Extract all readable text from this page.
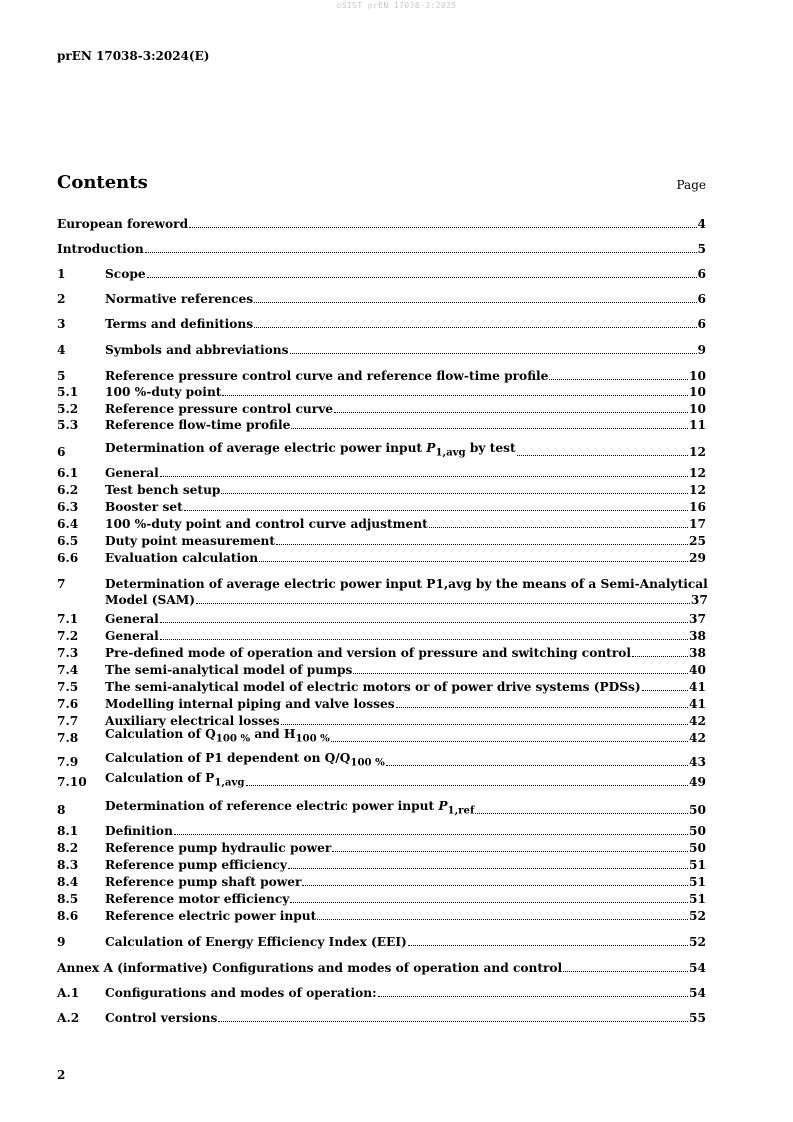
oSIST prEN 17038-3:2025
prEN 17038-3:2024(E)
Contents	Page
European foreword	4
Introduction	5
1	Scope	6
2	Normative references	6
3	Terms and definitions	6
4	Symbols and abbreviations	9
5	Reference pressure control curve and reference flow-time profile	10
5.1	100 %-duty point	10
5.2	Reference pressure control curve	10
5.3	Reference flow-time profile	11
6	Determination of average electric power input $P_{1,avg}$ by test	12
6.1	General	12
6.2	Test bench setup	12
6.3	Booster set	16
6.4	100 %-duty point and control curve adjustment	17
6.5	Duty point measurement	25
6.6	Evaluation calculation	29
7	Determination of average electric power input P1,avg by the means of a Semi-Analytical
Model (SAM)	37
7.1	General	37
7.2	General	38
7.3	Pre-defined mode of operation and version of pressure and switching control	38
7.4	The semi-analytical model of pumps	40
7.5	The semi-analytical model of electric motors or of power drive systems (PDSs)	41
7.6	Modelling internal piping and valve losses	41
7.7	Auxiliary electrical losses	42
7.8	Calculation of $Q_{100 \%}$ and $H_{100 \%}$	42
7.9	Calculation of P1 dependent on $Q/Q_{100 \%}$	43
7.10	Calculation of $P_{1,avg}$	49
8	Determination of reference electric power input $P_{1,ref}$	50
8.1	Definition	50
8.2	Reference pump hydraulic power	50
8.3	Reference pump efficiency	51
8.4	Reference pump shaft power	51
8.5	Reference motor efficiency	51
8.6	Reference electric power input	52
9	Calculation of Energy Efficiency Index (EEI)	52
Annex A (informative) Configurations and modes of operation and control	54
A.1	Configurations and modes of operation:	54
A.2	Control versions	55
2
